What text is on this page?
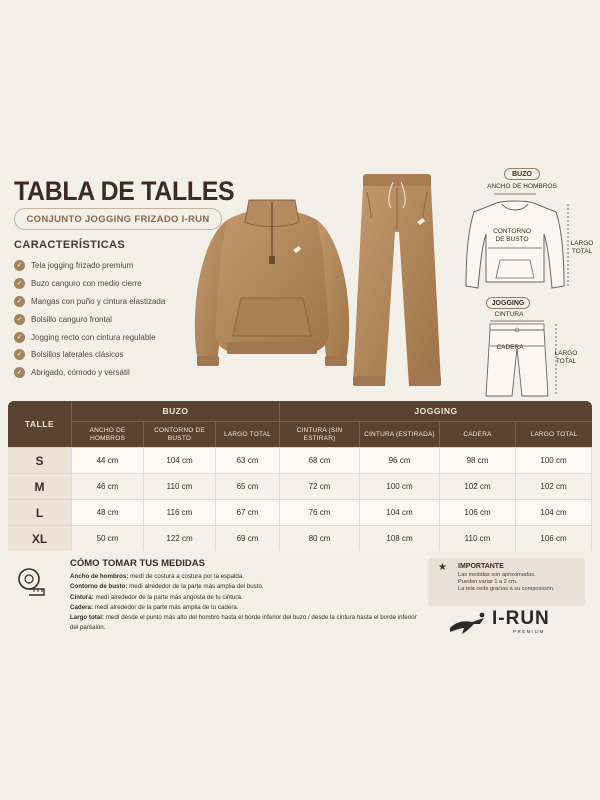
TABLA DE TALLES
CONJUNTO JOGGING FRIZADO I-RUN
CARACTERÍSTICAS
✓	Tela jogging frizado premium
✓	Buzo canguro con medio cierre
✓	Mangas con puño y cintura elastizada
✓	Bolsillo canguro frontal
✓	Jogging recto con cintura regulable
✓	Bolsillos laterales clásicos
✓	Abrigado, cómodo y versátil
BUZO
ANCHO DE HOMBROS
CONTORNO DE BUSTO
LARGO TOTAL
JOGGING
CINTURA
CADERA
LARGO TOTAL
TALLE	BUZO			JOGGING			
	ANCHO DE HOMBROS	CONTORNO DE BUSTO	LARGO TOTAL	CINTURA (SIN ESTIRAR)	CINTURA (ESTIRADA)	CADERA	LARGO TOTAL
S	44 cm	104 cm	63 cm	68 cm	96 cm	98 cm	100 cm
M	46 cm	110 cm	65 cm	72 cm	100 cm	102 cm	102 cm
L	48 cm	116 cm	67 cm	76 cm	104 cm	106 cm	104 cm
XL	50 cm	122 cm	69 cm	80 cm	108 cm	110 cm	106 cm
CÓMO TOMAR TUS MEDIDAS

Ancho de hombros: medí de costura a costura por la espalda.

Contorno de busto: medí alrededor de la parte más amplia del busto.

Cintura: medí alrededor de la parte más angosta de tu cintura.

Cadera: medí alrededor de la parte más amplia de tu cadera.

Largo total: medí desde el punto más alto del hombro hasta el borde inferior del buzo / desde la cintura hasta el borde inferior del pantalón.

★ IMPORTANTE
Las medidas son aproximadas.
Pueden variar 1 a 2 cm.
La tela cede gracias a su composición.
I-RUN
PREMIUM
